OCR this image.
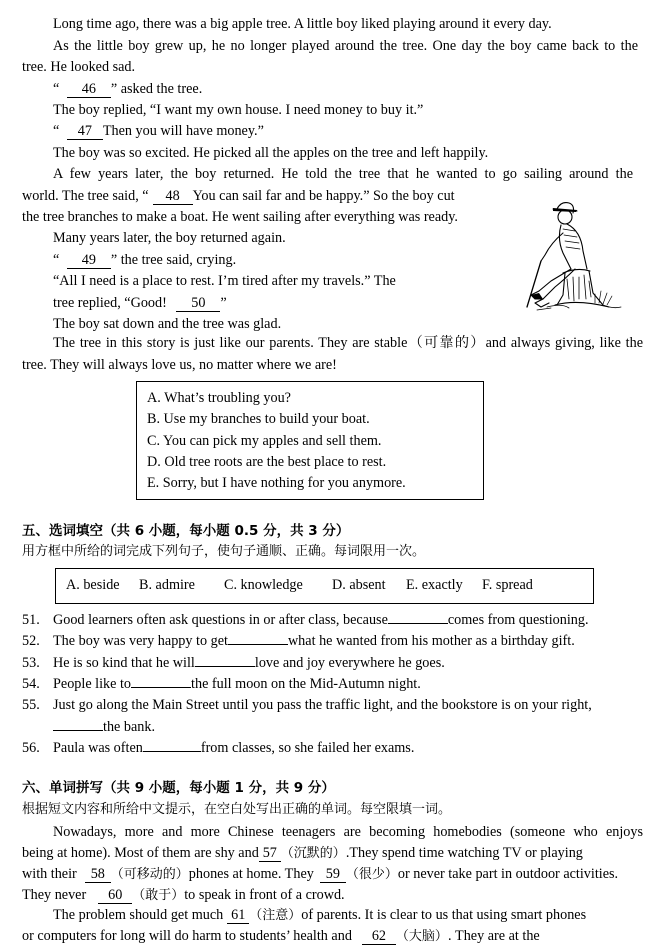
Long time ago, there was a big apple tree. A little boy liked playing around it every day.
As the little boy grew up, he no longer played around the tree. One day the boy came back to the
tree. He looked sad.
“ 46 ” asked the tree.
The boy replied, “I want my own house. I need money to buy it.”
“ 47 Then you will have money.”
The boy was so excited. He picked all the apples on the tree and left happily.
A few years later, the boy returned. He told the tree that he wanted to go sailing around the
world. The tree said, “ 48 You can sail far and be happy.” So the boy cut
the tree branches to make a boat. He went sailing after everything was ready.
Many years later, the boy returned again.
“ 49 ” the tree said, crying.
“All I need is a place to rest. I’m tired after my travels.” The
tree replied, “Good! 50 ”
The boy sat down and the tree was glad.
The tree in this story is just like our parents. They are stable（可靠的）and always giving, like the
tree. They will always love us, no matter where we are!
A. What’s troubling you?
B. Use my branches to build your boat.
C. You can pick my apples and sell them.
D. Old tree roots are the best place to rest.
E. Sorry, but I have nothing for you anymore.
五、选词填空（共 6 小题，每小题 0.5 分，共 3 分）
用方框中所给的词完成下列句子，使句子通顺、正确。每词限用一次。
A. beside B. admire C. knowledge D. absent E. exactly F. spread
51. Good learners often ask questions in or after class, because	comes from questioning.
52. The boy was very happy to get	what he wanted from his mother as a birthday gift.
53. He is so kind that he will	love and joy everywhere he goes.
54. People like to	the full moon on the Mid-Autumn night.
55. Just go along the Main Street until you pass the traffic light, and the bookstore is on your right,
the bank.
56. Paula was often	from classes, so she failed her exams.
六、单词拼写（共 9 小题，每小题 1 分，共 9 分）
根据短文内容和所给中文提示，在空白处写出正确的单词。每空限填一词。
Nowadays, more and more Chinese teenagers are becoming homebodies (someone who enjoys
being at home). Most of them are shy and 57 （沉默的）.They spend time watching TV or playing
with their 58 （可移动的）phones at home. They 59 （很少）or never take part in outdoor activities.
They never 60 （敢于）to speak in front of a crowd.
The problem should get much 61 （注意）of parents. It is clear to us that using smart phones
or computers for long will do harm to students’ health and 62 （大脑）. They are at the
